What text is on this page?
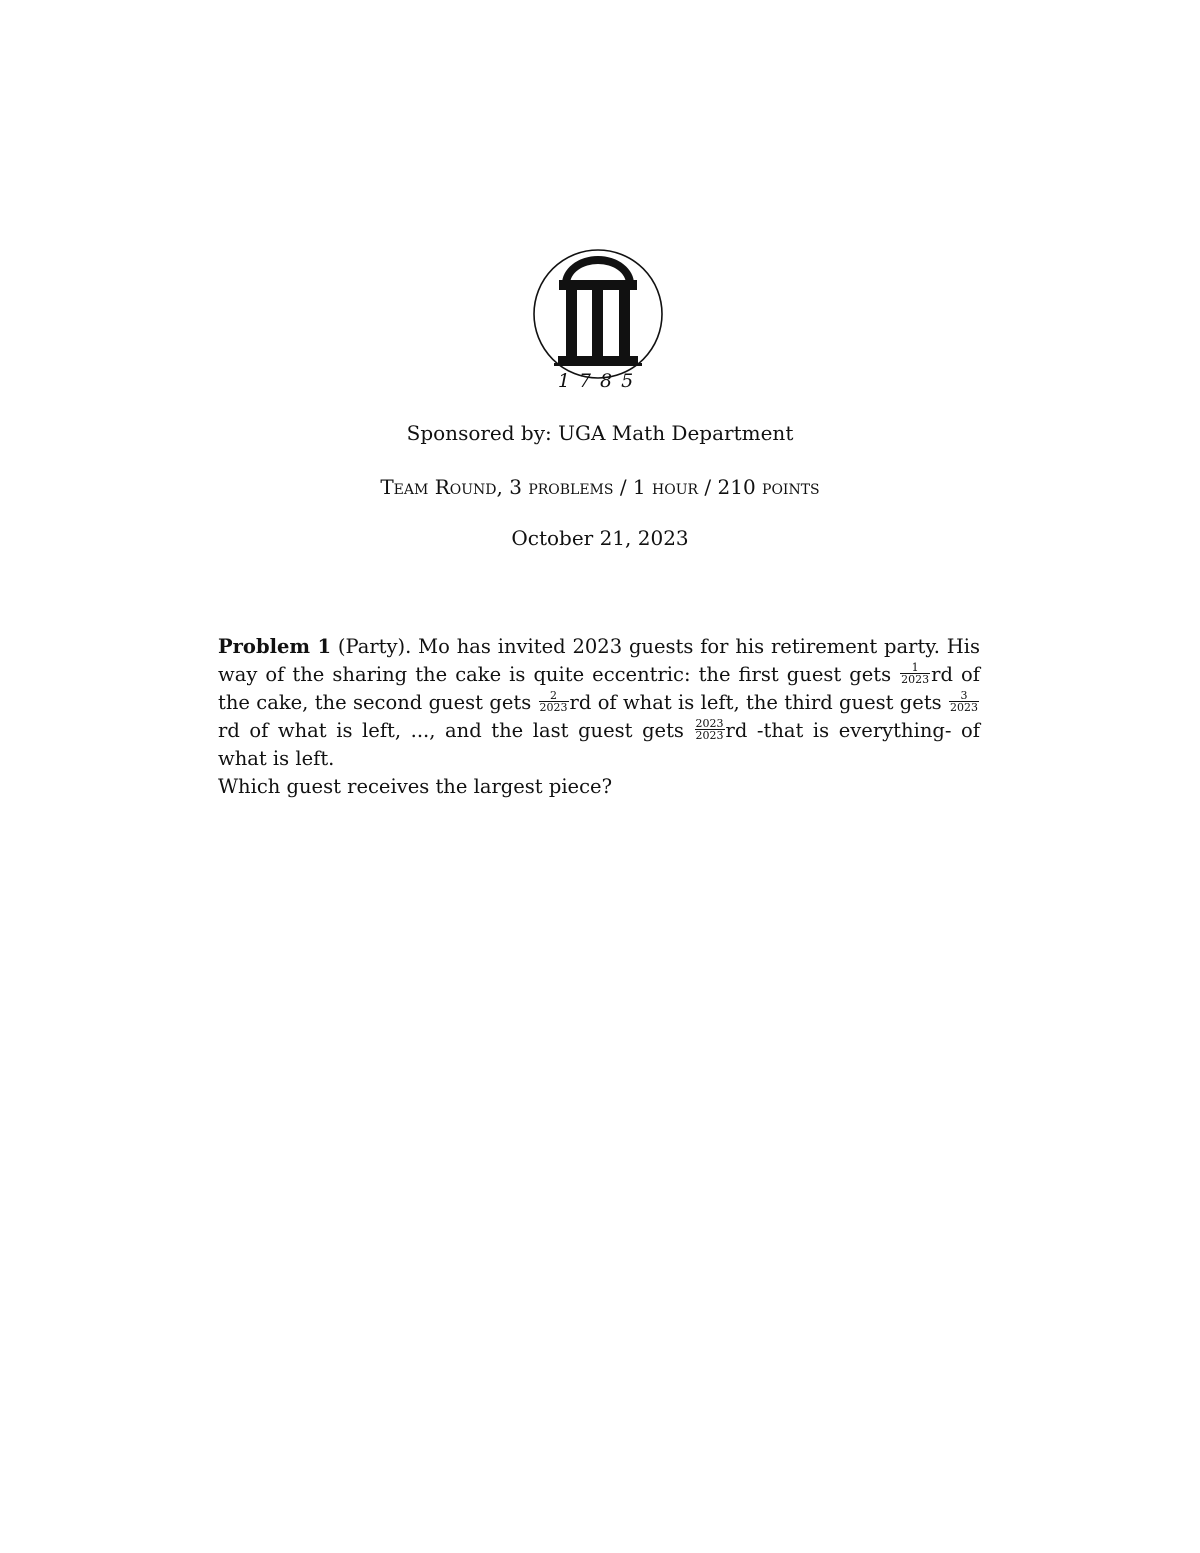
1785
Sponsored by: UGA Math Department
Team Round, 3 problems / 1 hour / 210 points
October 21, 2023

Problem 1 (Party). Mo has invited 2023 guests for his retirement party. His way of the sharing the cake is quite eccentric: the first guest gets $\frac{1}{2023}$ rd of the cake, the second guest gets $\frac{2}{2023}$ rd of what is left, the third guest gets $\frac{3}{2023}$
rd of what is left, ..., and the last guest gets $\frac{2023}{2023}$ rd -that is everything- of what is left.

Which guest receives the largest piece?
